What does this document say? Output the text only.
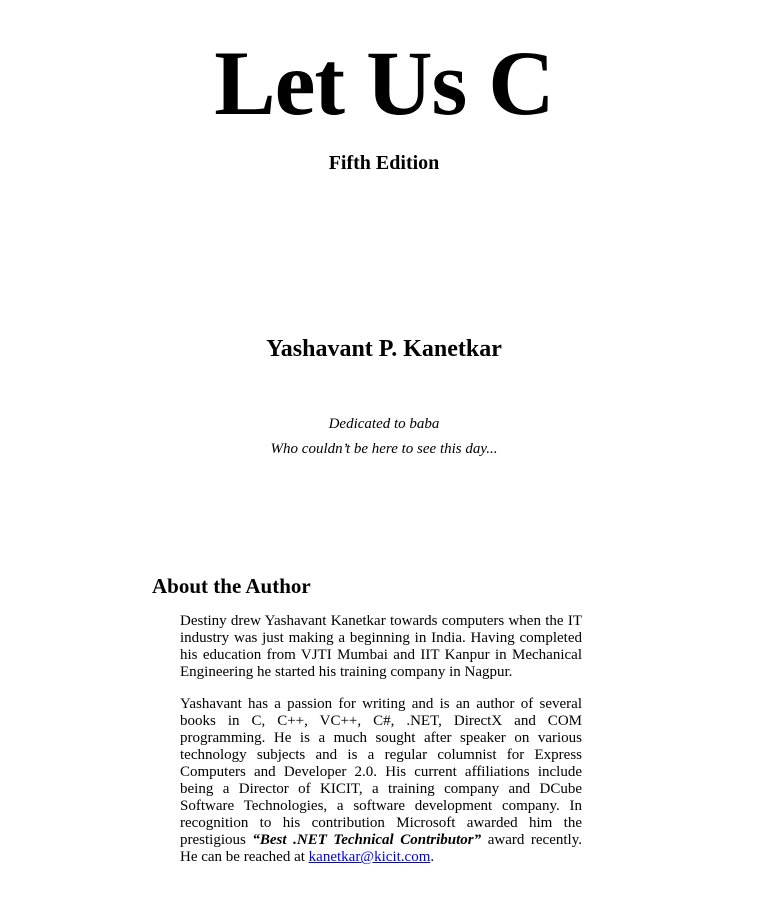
Let Us C
Fifth Edition
Yashavant P. Kanetkar
Dedicated to baba
Who couldn’t be here to see this day...
About the Author

Destiny drew Yashavant Kanetkar towards computers when the IT industry was just making a beginning in India. Having completed his education from VJTI Mumbai and IIT Kanpur in Mechanical Engineering he started his training company in Nagpur.

Yashavant has a passion for writing and is an author of several books in C, C++, VC++, C#, .NET, DirectX and COM programming. He is a much sought after speaker on various technology subjects and is a regular columnist for Express Computers and Developer 2.0. His current affiliations include being a Director of KICIT, a training company and DCube Software Technologies, a software development company. In recognition to his contribution Microsoft awarded him the prestigious “Best .NET Technical Contributor” award recently. He can be reached at kanetkar@kicit.com.
